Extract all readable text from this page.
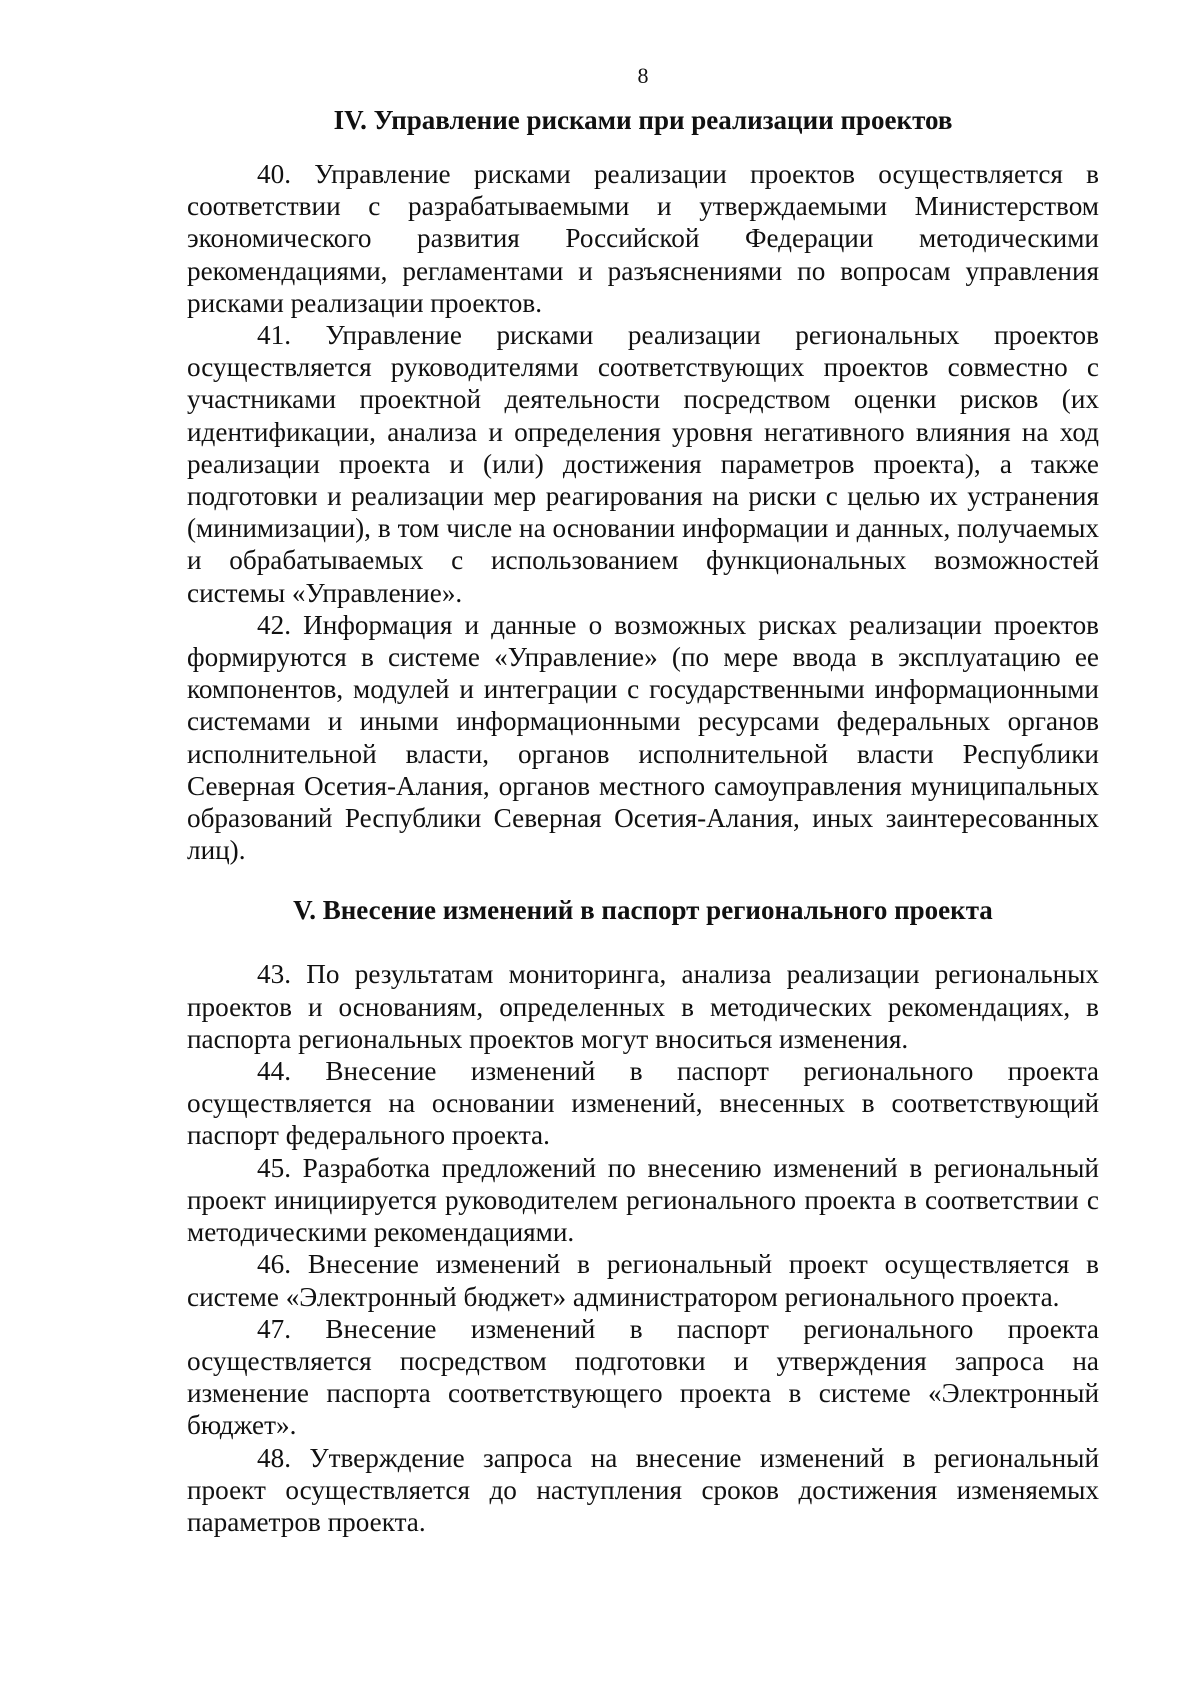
8
IV. Управление рисками при реализации проектов

40. Управление рисками реализации проектов осуществляется в соответствии с разрабатываемыми и утверждаемыми Министерством экономического развития Российской Федерации методическими рекомендациями, регламентами и разъяснениями по вопросам управления рисками реализации проектов.

41. Управление рисками реализации региональных проектов осуществляется руководителями соответствующих проектов совместно с участниками проектной деятельности посредством оценки рисков (их идентификации, анализа и определения уровня негативного влияния на ход реализации проекта и (или) достижения параметров проекта), а также подготовки и реализации мер реагирования на риски с целью их устранения (минимизации), в том числе на основании информации и данных, получаемых и обрабатываемых с использованием функциональных возможностей системы «Управление».

42. Информация и данные о возможных рисках реализации проектов формируются в системе «Управление» (по мере ввода в эксплуатацию ее компонентов, модулей и интеграции с государственными информационными системами и иными информационными ресурсами федеральных органов исполнительной власти, органов исполнительной власти Республики Северная Осетия-Алания, органов местного самоуправления муниципальных образований Республики Северная Осетия-Алания, иных заинтересованных лиц).

V. Внесение изменений в паспорт регионального проекта

43. По результатам мониторинга, анализа реализации региональных проектов и основаниям, определенных в методических рекомендациях, в паспорта региональных проектов могут вноситься изменения.

44. Внесение изменений в паспорт регионального проекта осуществляется на основании изменений, внесенных в соответствующий паспорт федерального проекта.

45. Разработка предложений по внесению изменений в региональный проект инициируется руководителем регионального проекта в соответствии с методическими рекомендациями.

46. Внесение изменений в региональный проект осуществляется в системе «Электронный бюджет» администратором регионального проекта.

47. Внесение изменений в паспорт регионального проекта осуществляется посредством подготовки и утверждения запроса на изменение паспорта соответствующего проекта в системе «Электронный бюджет».

48. Утверждение запроса на внесение изменений в региональный проект осуществляется до наступления сроков достижения изменяемых параметров проекта.
